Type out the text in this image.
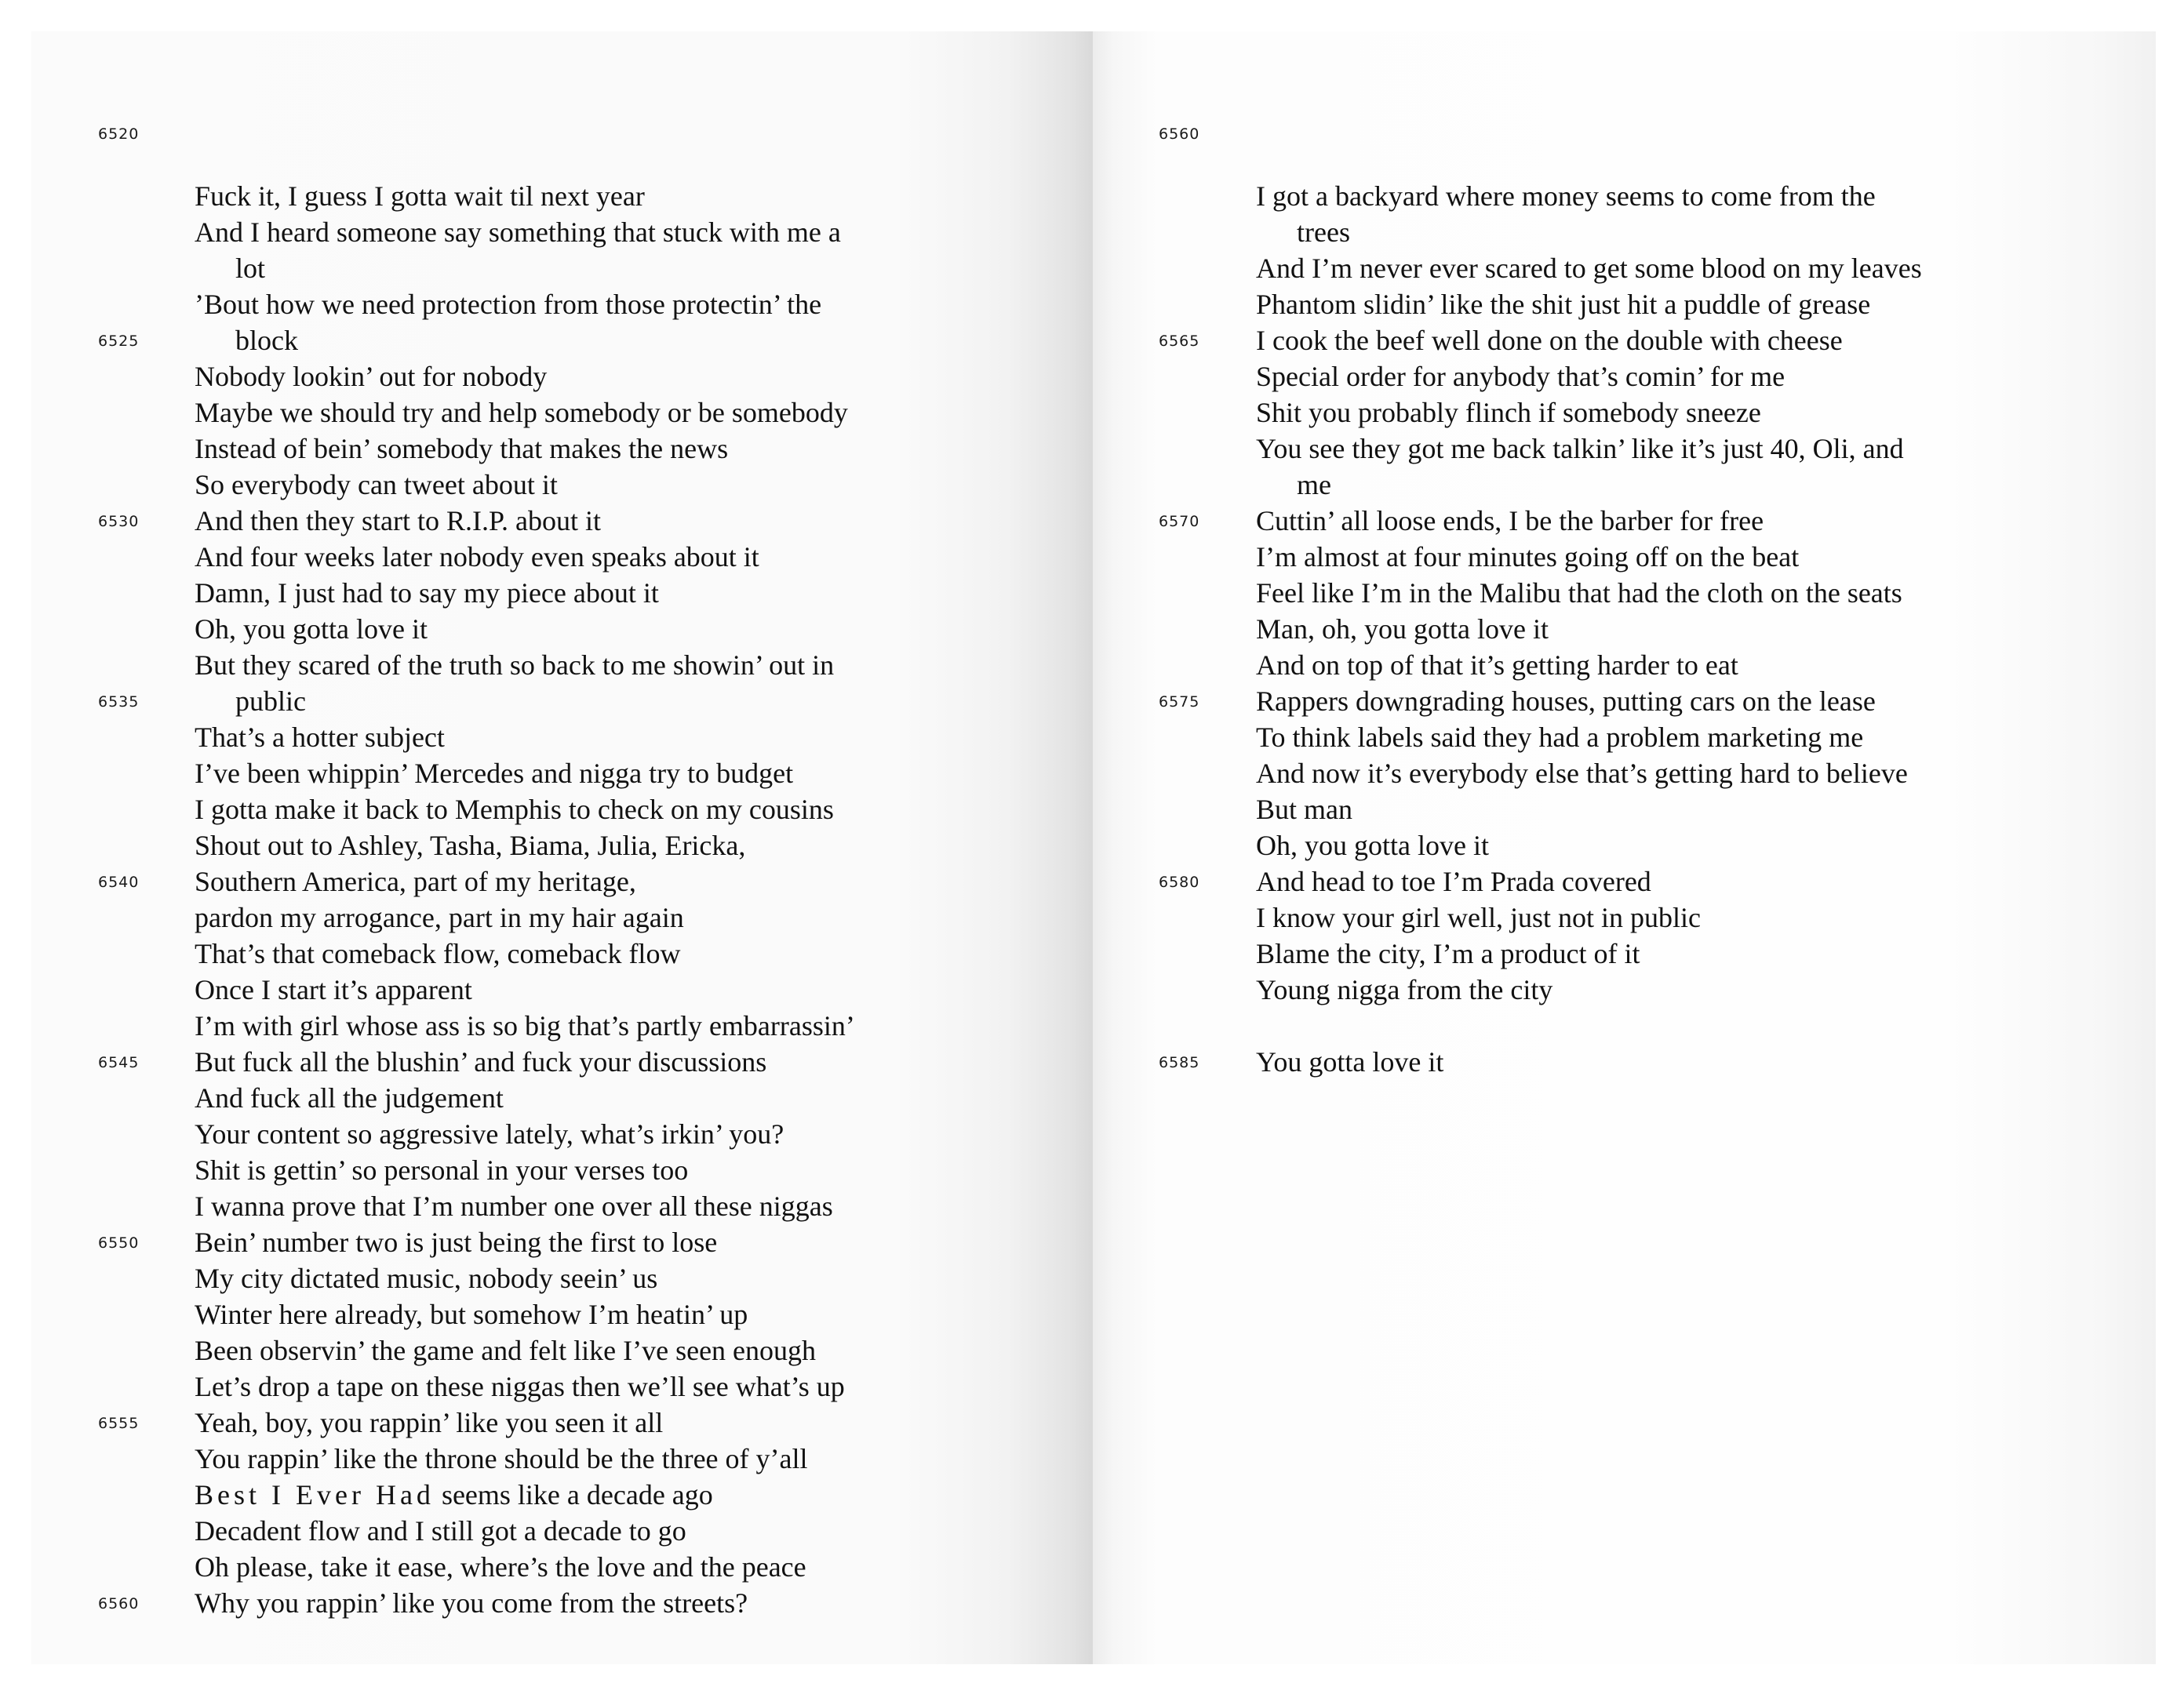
6520
Fuck it, I guess I gotta wait til next year
And I heard someone say something that stuck with me a
lot
’Bout how we need protection from those protectin’ the
6525	block
Nobody lookin’ out for nobody
Maybe we should try and help somebody or be somebody
Instead of bein’ somebody that makes the news
So everybody can tweet about it
6530 And then they start to R.I.P. about it
And four weeks later nobody even speaks about it
Damn, I just had to say my piece about it
Oh, you gotta love it
But they scared of the truth so back to me showin’ out in
6535	public
That’s a hotter subject
I’ve been whippin’ Mercedes and nigga try to budget
I gotta make it back to Memphis to check on my cousins
Shout out to Ashley, Tasha, Biama, Julia, Ericka,
6540 Southern America, part of my heritage,
pardon my arrogance, part in my hair again
That’s that comeback flow, comeback flow
Once I start it’s apparent
I’m with girl whose ass is so big that’s partly embarrassin’
6545 But fuck all the blushin’ and fuck your discussions
And fuck all the judgement
Your content so aggressive lately, what’s irkin’ you?
Shit is gettin’ so personal in your verses too
I wanna prove that I’m number one over all these niggas
6550 Bein’ number two is just being the first to lose
My city dictated music, nobody seein’ us
Winter here already, but somehow I’m heatin’ up
Been observin’ the game and felt like I’ve seen enough
Let’s drop a tape on these niggas then we’ll see what’s up
6555 Yeah, boy, you rappin’ like you seen it all
You rappin’ like the throne should be the three of y’all
Best I Ever Had seems like a decade ago
Decadent flow and I still got a decade to go
Oh please, take it ease, where’s the love and the peace
6560 Why you rappin’ like you come from the streets?
6560
I got a backyard where money seems to come from the
trees
And I’m never ever scared to get some blood on my leaves
Phantom slidin’ like the shit just hit a puddle of grease
6565 I cook the beef well done on the double with cheese
Special order for anybody that’s comin’ for me
Shit you probably flinch if somebody sneeze
You see they got me back talkin’ like it’s just 40, Oli, and
me
6570 Cuttin’ all loose ends, I be the barber for free
I’m almost at four minutes going off on the beat
Feel like I’m in the Malibu that had the cloth on the seats
Man, oh, you gotta love it
And on top of that it’s getting harder to eat
6575 Rappers downgrading houses, putting cars on the lease
To think labels said they had a problem marketing me
And now it’s everybody else that’s getting hard to believe
But man
Oh, you gotta love it
6580 And head to toe I’m Prada covered
I know your girl well, just not in public
Blame the city, I’m a product of it
Young nigga from the city
6585 You gotta love it
